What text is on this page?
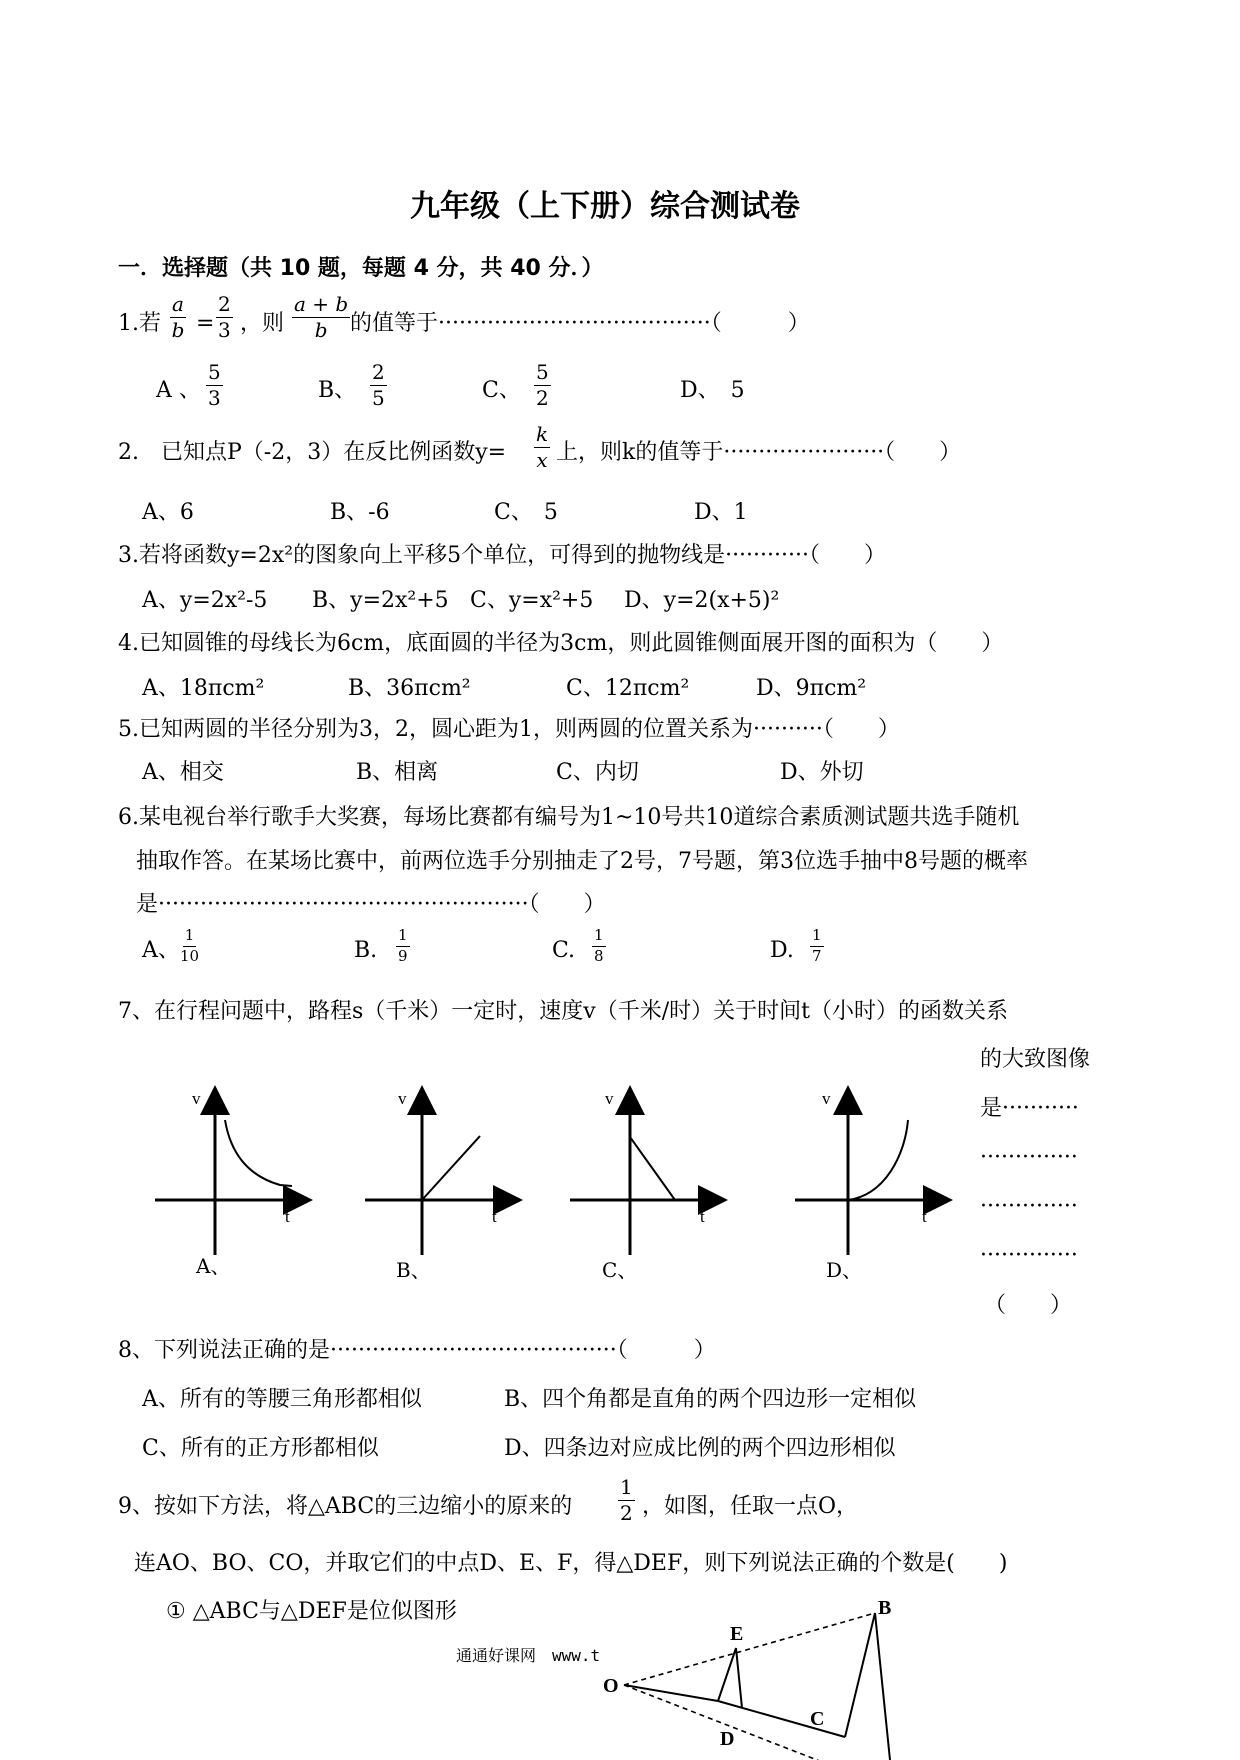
九年级（上下册）综合测试卷
一．选择题（共 10 题，每题 4 分，共 40 分．）
1.若 $\frac{a}{b} = \frac{2}{3}$ ，则 $\frac{a + b}{b}$ 的值等于·······································（　　　）
A 、 $\frac{5}{3}$	B、 $\frac{2}{5}$	C、 $\frac{5}{2}$	D、　5
2.　已知点P（-2，3）在反比例函数$y= \frac{k}{x}$ 上，则k的值等于·······················（　　）
A、6	B、-6	C、　5	D、1
3.若将函数y=2x²的图象向上平移5个单位，可得到的抛物线是············（　　）
A、y=2x²-5 B、y=2x²+5 C、y=x²+5 D、y=2(x+5)²
4.已知圆锥的母线长为6cm，底面圆的半径为3cm，则此圆锥侧面展开图的面积为（　　）
A、18πcm²	B、36πcm²	C、12πcm²	D、9πcm²
5.已知两圆的半径分别为3，2，圆心距为1，则两圆的位置关系为··········（　　）
A、相交	B、相离	C、内切	D、外切
6.某电视台举行歌手大奖赛，每场比赛都有编号为1~10号共10道综合素质测试题共选手随机
抽取作答。在某场比赛中，前两位选手分别抽走了2号，7号题，第3位选手抽中8号题的概率
是·····················································（　　）
A、 $\frac{1}{10}$	B. $\frac{1}{9}$	C. $\frac{1}{8}$	D. $\frac{1}{7}$
7、在行程问题中，路程s（千米）一定时，速度v（千米/时）关于时间t（小时）的函数关系
的大致图像
是···········
··············
··············
··············
（　　）
v
t
A、
v
t
B、
v
t
C、
v
t
D、
8、下列说法正确的是·········································（　　　）
A、所有的等腰三角形都相似	B、四个角都是直角的两个四边形一定相似
C、所有的正方形都相似	D、四条边对应成比例的两个四边形相似
9、按如下方法，将△ABC的三边缩小的原来的 $\frac{1}{2}$ ，如图，任取一点O，
连AO、BO、CO，并取它们的中点D、E、F，得△DEF，则下列说法正确的个数是(　　)
① △ABC与△DEF是位似图形
通通好课网　www.t
O
E
B
C
D
